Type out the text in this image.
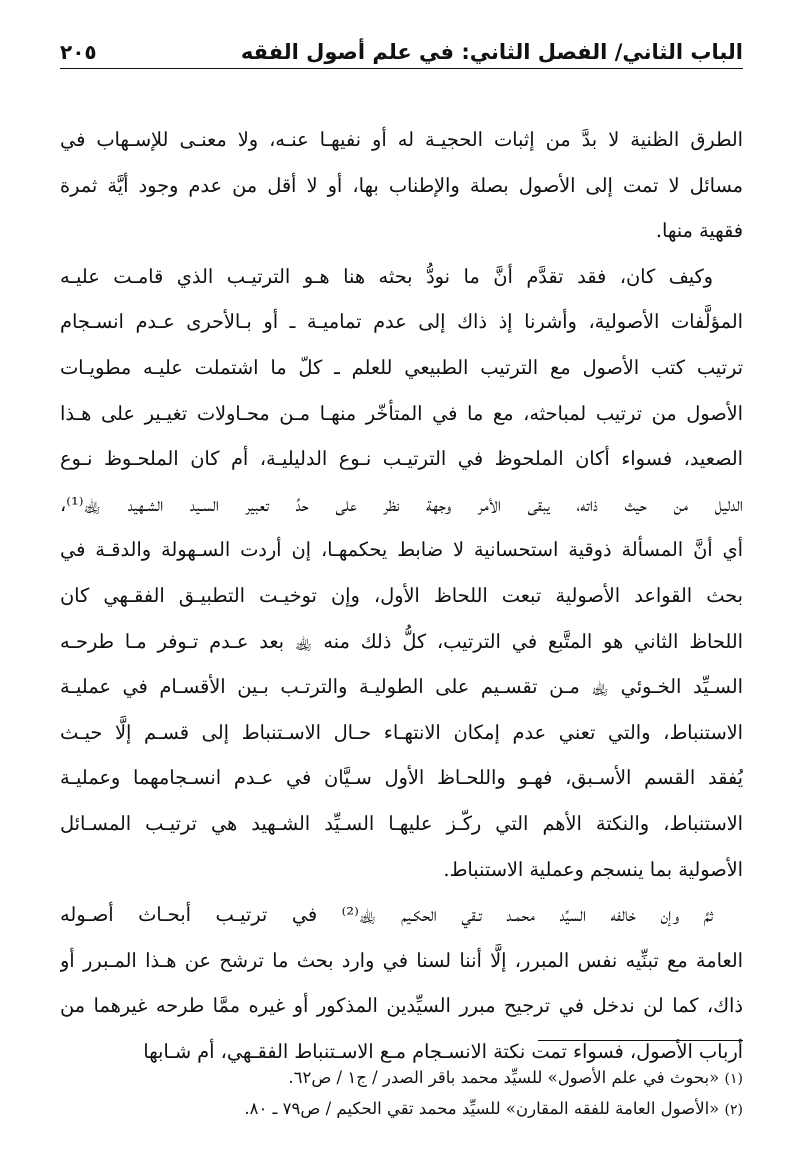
الباب الثاني/ الفصل الثاني: في علم أصول الفقه
٢٠٥
الطرق الظنية لا بدَّ من إثبات الحجيـة له أو نفيهـا عنـه، ولا معنـى للإسـهاب في
مسائل لا تمت إلى الأصول بصلة والإطناب بها، أو لا أقل من عدم وجود أيَّة ثمرة
فقهية منها.
وكيف كان، فقد تقدَّم أنَّ ما نودُّ بحثه هنا هـو الترتيـب الذي قامـت عليـه
المؤلَّفات الأصولية، وأشرنا إذ ذاك إلى عدم تماميـة ـ أو بـالأحرى عـدم انسـجام
ترتيب كتب الأصول مع الترتيب الطبيعي للعلم ـ كلّ ما اشتملت عليـه مطويـات
الأصول من ترتيب لمباحثه، مع ما في المتأخّر منهـا مـن محـاولات تغيـير على هـذا
الصعيد، فسواء أكان الملحوظ في الترتيـب نـوع الدليليـة، أم كان الملحـوظ نـوع
الدليل من حيث ذاته، يبقى الأمر وجهة نظر على حدِّ تعبير السـيد الشـهيد ﵀⁽¹⁾،
أي أنَّ المسألة ذوقية استحسانية لا ضابط يحكمهـا، إن أردت السـهولة والدقـة في
بحث القواعد الأصولية تبعت اللحاظ الأول، وإن توخيـت التطبيـق الفقـهي كان
اللحاظ الثاني هو المتَّبع في الترتيب، كلُّ ذلك منه ﵀ بعد عـدم تـوفر مـا طرحـه
السـيِّد الخـوئي ﵀ مـن تقسـيم على الطوليـة والترتـب بـين الأقسـام في عمليـة
الاستنباط، والتي تعني عدم إمكان الانتهـاء حـال الاسـتنباط إلى قسـم إلَّا حيـث
يُفقد القسم الأسـبق، فهـو واللحـاظ الأول سـيَّان في عـدم انسـجامهما وعمليـة
الاستنباط، والنكتة الأهم التي ركّـز عليهـا السـيِّد الشـهيد هي ترتيـب المسـائل
الأصولية بما ينسجم وعملية الاستنباط.
ثمَّ وإن خالفه السيِّد محمـد تـقي الحكـيم ﵀⁽²⁾ في ترتيـب أبحـاث أصـوله
العامة مع تبنِّيه نفس المبرر، إلَّا أننا لسنا في وارد بحث ما ترشح عن هـذا المـبرر أو
ذاك، كما لن ندخل في ترجيح مبرر السيِّدين المذكور أو غيره ممَّا طرحه غيرهما من
أرباب الأصول، فسواء تمت نكتة الانسـجام مـع الاسـتنباط الفقـهي، أم شـابها
(١) «بحوث في علم الأصول» للسيِّد محمد باقر الصدر / ج١ / ص٦٢.
(٢) «الأصول العامة للفقه المقارن» للسيِّد محمد تقي الحكيم / ص٧٩ ـ ٨٠.
